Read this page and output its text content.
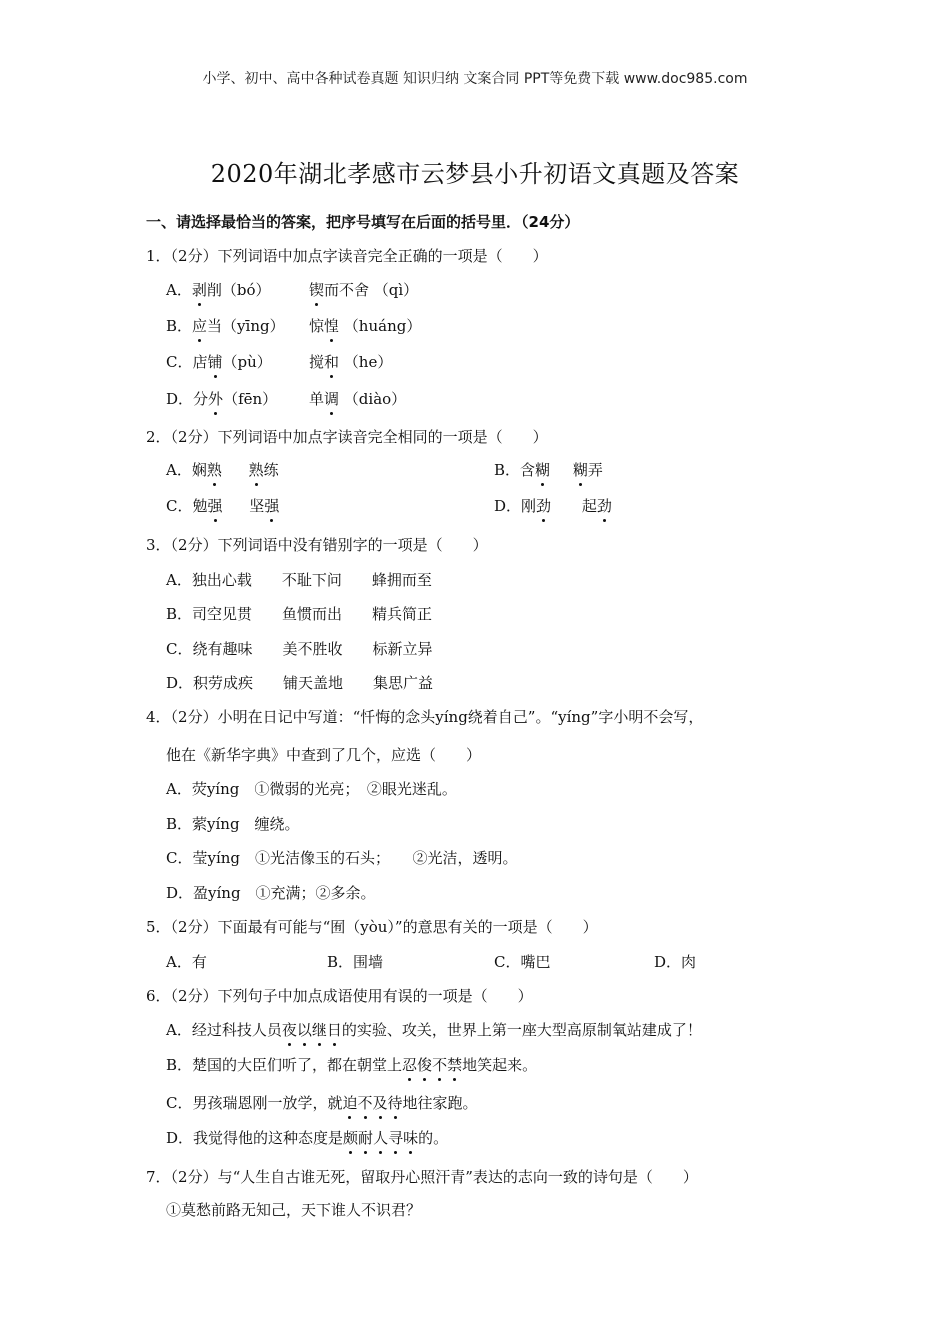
小学、初中、高中各种试卷真题 知识归纳 文案合同 PPT等免费下载 www.doc985.com
2020年湖北孝感市云梦县小升初语文真题及答案
一、请选择最恰当的答案，把序号填写在后面的括号里．（24分）
1．（2分）下列词语中加点字读音完全正确的一项是（　　）
A．剥削（bó）	锲而不舍 （qì）
B．应当（yīng） 惊惶 （huáng）
C．店铺（pù） 搅和 （he）
D．分外（fēn） 单调 （diào）
2．（2分）下列词语中加点字读音完全相同的一项是（　　）
A．娴熟 熟练	B．含糊 糊弄
C．勉强 坚强	D．刚劲 起劲
3．（2分）下列词语中没有错别字的一项是（　　）
A．独出心载　　不耻下问　　蜂拥而至
B．司空见贯　　鱼惯而出　　精兵简正
C．绕有趣味　　美不胜收　　标新立异
D．积劳成疾　　铺天盖地　　集思广益
4．（2分）小明在日记中写道：“忏悔的念头yíng绕着自己”。“yíng”字小明不会写，
他在《新华字典》中查到了几个，应选（　　）
A．荧yíng　①微弱的光亮；　②眼光迷乱。
B．萦yíng　缠绕。
C．莹yíng　①光洁像玉的石头；　　②光洁，透明。
D．盈yíng　①充满；②多余。
5．（2分）下面最有可能与“囿（yòu）”的意思有关的一项是（　　）
A．有	B．围墙	C．嘴巴	D．肉
6．（2分）下列句子中加点成语使用有误的一项是（　　）
A．经过科技人员夜以继日的实验、攻关，世界上第一座大型高原制氧站建成了！
B．楚国的大臣们听了，都在朝堂上忍俊不禁地笑起来。
C．男孩瑞恩刚一放学，就迫不及待地往家跑。
D．我觉得他的这种态度是颇耐人寻味的。
7．（2分）与“人生自古谁无死，留取丹心照汗青”表达的志向一致的诗句是（　　）
①莫愁前路无知己，天下谁人不识君？
